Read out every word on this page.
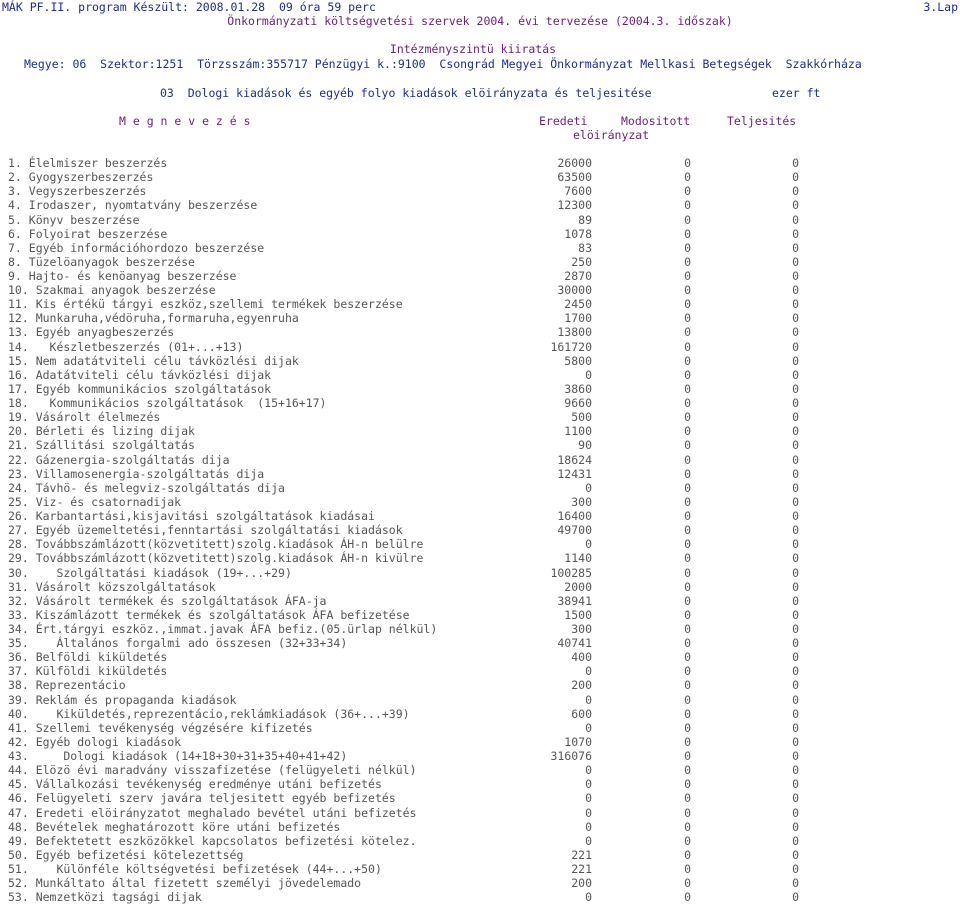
MÁK PF.II. program Készült: 2008.01.28  09 óra 59 perc	3.Lap
Önkormányzati költségvetési szervek 2004. évi tervezése (2004.3. időszak)
Intézményszintü kiiratás
Megye: 06  Szektor:1251  Törzsszám:355717 Pénzügyi k.:9100  Csongrád Megyei Önkormányzat Mellkasi Betegségek  Szakkórháza
03  Dologi kiadások és egyéb folyo kiadások elöirányzata és teljesitése	ezer ft
M e g n e v e z é s	Eredeti	Modositott	Teljesités
elöirányzat
1. Élelmiszer beszerzés	26000	0	0
2. Gyogyszerbeszerzés	63500	0	0
3. Vegyszerbeszerzés	7600	0	0
4. Irodaszer, nyomtatvány beszerzése	12300	0	0
5. Könyv beszerzése	89	0	0
6. Folyoirat beszerzése	1078	0	0
7. Egyéb információhordozo beszerzése	83	0	0
8. Tüzelöanyagok beszerzése	250	0	0
9. Hajto- és kenöanyag beszerzése	2870	0	0
10. Szakmai anyagok beszerzése	30000	0	0
11. Kis értékü tárgyi eszköz,szellemi termékek beszerzése	2450	0	0
12. Munkaruha,védöruha,formaruha,egyenruha	1700	0	0
13. Egyéb anyagbeszerzés	13800	0	0
14.   Készletbeszerzés (01+...+13)	161720	0	0
15. Nem adatátviteli célu távközlési dijak	5800	0	0
16. Adatátviteli célu távközlési dijak	0	0	0
17. Egyéb kommunikácios szolgáltatások	3860	0	0
18.   Kommunikácios szolgáltatások  (15+16+17)	9660	0	0
19. Vásárolt élelmezés	500	0	0
20. Bérleti és lizing dijak	1100	0	0
21. Szállitási szolgáltatás	90	0	0
22. Gázenergia-szolgáltatás dija	18624	0	0
23. Villamosenergia-szolgáltatás dija	12431	0	0
24. Távhö- és melegviz-szolgáltatás dija	0	0	0
25. Viz- és csatornadijak	300	0	0
26. Karbantartási,kisjavitási szolgáltatások kiadásai	16400	0	0
27. Egyéb üzemeltetési,fenntartási szolgáltatási kiadások	49700	0	0
28. Továbbszámlázott(közvetitett)szolg.kiadások ÁH-n belülre	0	0	0
29. Továbbszámlázott(közvetitett)szolg.kiadások ÁH-n kivülre	1140	0	0
30.    Szolgáltatási kiadások (19+...+29)	100285	0	0
31. Vásárolt közszolgáltatások	2000	0	0
32. Vásárolt termékek és szolgáltatások ÁFA-ja	38941	0	0
33. Kiszámlázott termékek és szolgáltatások ÁFA befizetése	1500	0	0
34. Ért.tárgyi eszköz.,immat.javak ÁFA befiz.(05.ürlap nélkül)	300	0	0
35.    Általános forgalmi ado összesen (32+33+34)	40741	0	0
36. Belföldi kiküldetés	400	0	0
37. Külföldi kiküldetés	0	0	0
38. Reprezentácio	200	0	0
39. Reklám és propaganda kiadások	0	0	0
40.    Kiküldetés,reprezentácio,reklámkiadások (36+...+39)	600	0	0
41. Szellemi tevékenység végzésére kifizetés	0	0	0
42. Egyéb dologi kiadások	1070	0	0
43.     Dologi kiadások (14+18+30+31+35+40+41+42)	316076	0	0
44. Elözö évi maradvány visszafizetése (felügyeleti nélkül)	0	0	0
45. Vállalkozási tevékenység eredménye utáni befizetés	0	0	0
46. Felügyeleti szerv javára teljesitett egyéb befizetés	0	0	0
47. Eredeti elöirányzatot meghalado bevétel utáni befizetés	0	0	0
48. Bevételek meghatározott köre utáni befizetés	0	0	0
49. Befektetett eszközökkel kapcsolatos befizetési kötelez.	0	0	0
50. Egyéb befizetési kötelezettség	221	0	0
51.    Különféle költségvetési befizetések (44+...+50)	221	0	0
52. Munkáltato által fizetett személyi jövedelemado	200	0	0
53. Nemzetközi tagsági dijak	0	0	0
